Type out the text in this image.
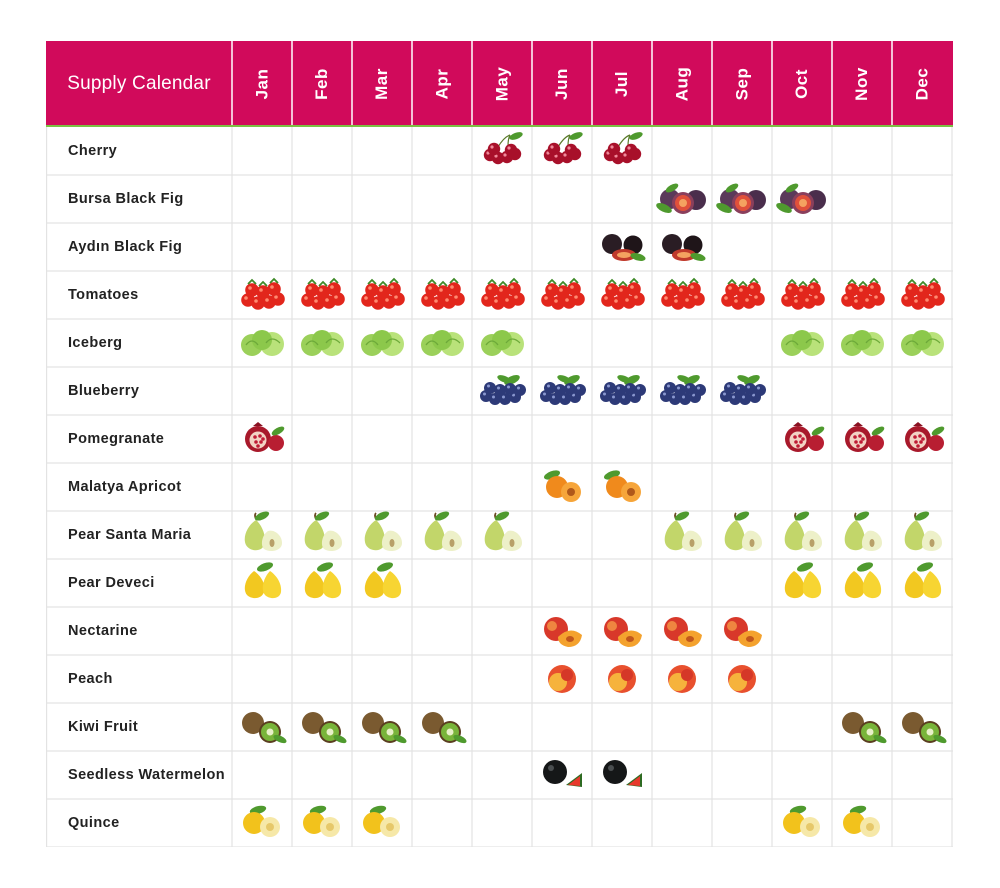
Supply Calendar	Jan Feb Mar Apr May Jun Jul Aug Sep Oct Nov Dec
Cherry
Bursa Black Fig
Aydın Black Fig
Tomatoes
Iceberg
Blueberry
Pomegranate
Malatya Apricot
Pear Santa Maria
Pear Deveci
Nectarine
Peach
Kiwi Fruit
Seedless Watermelon
Quince
